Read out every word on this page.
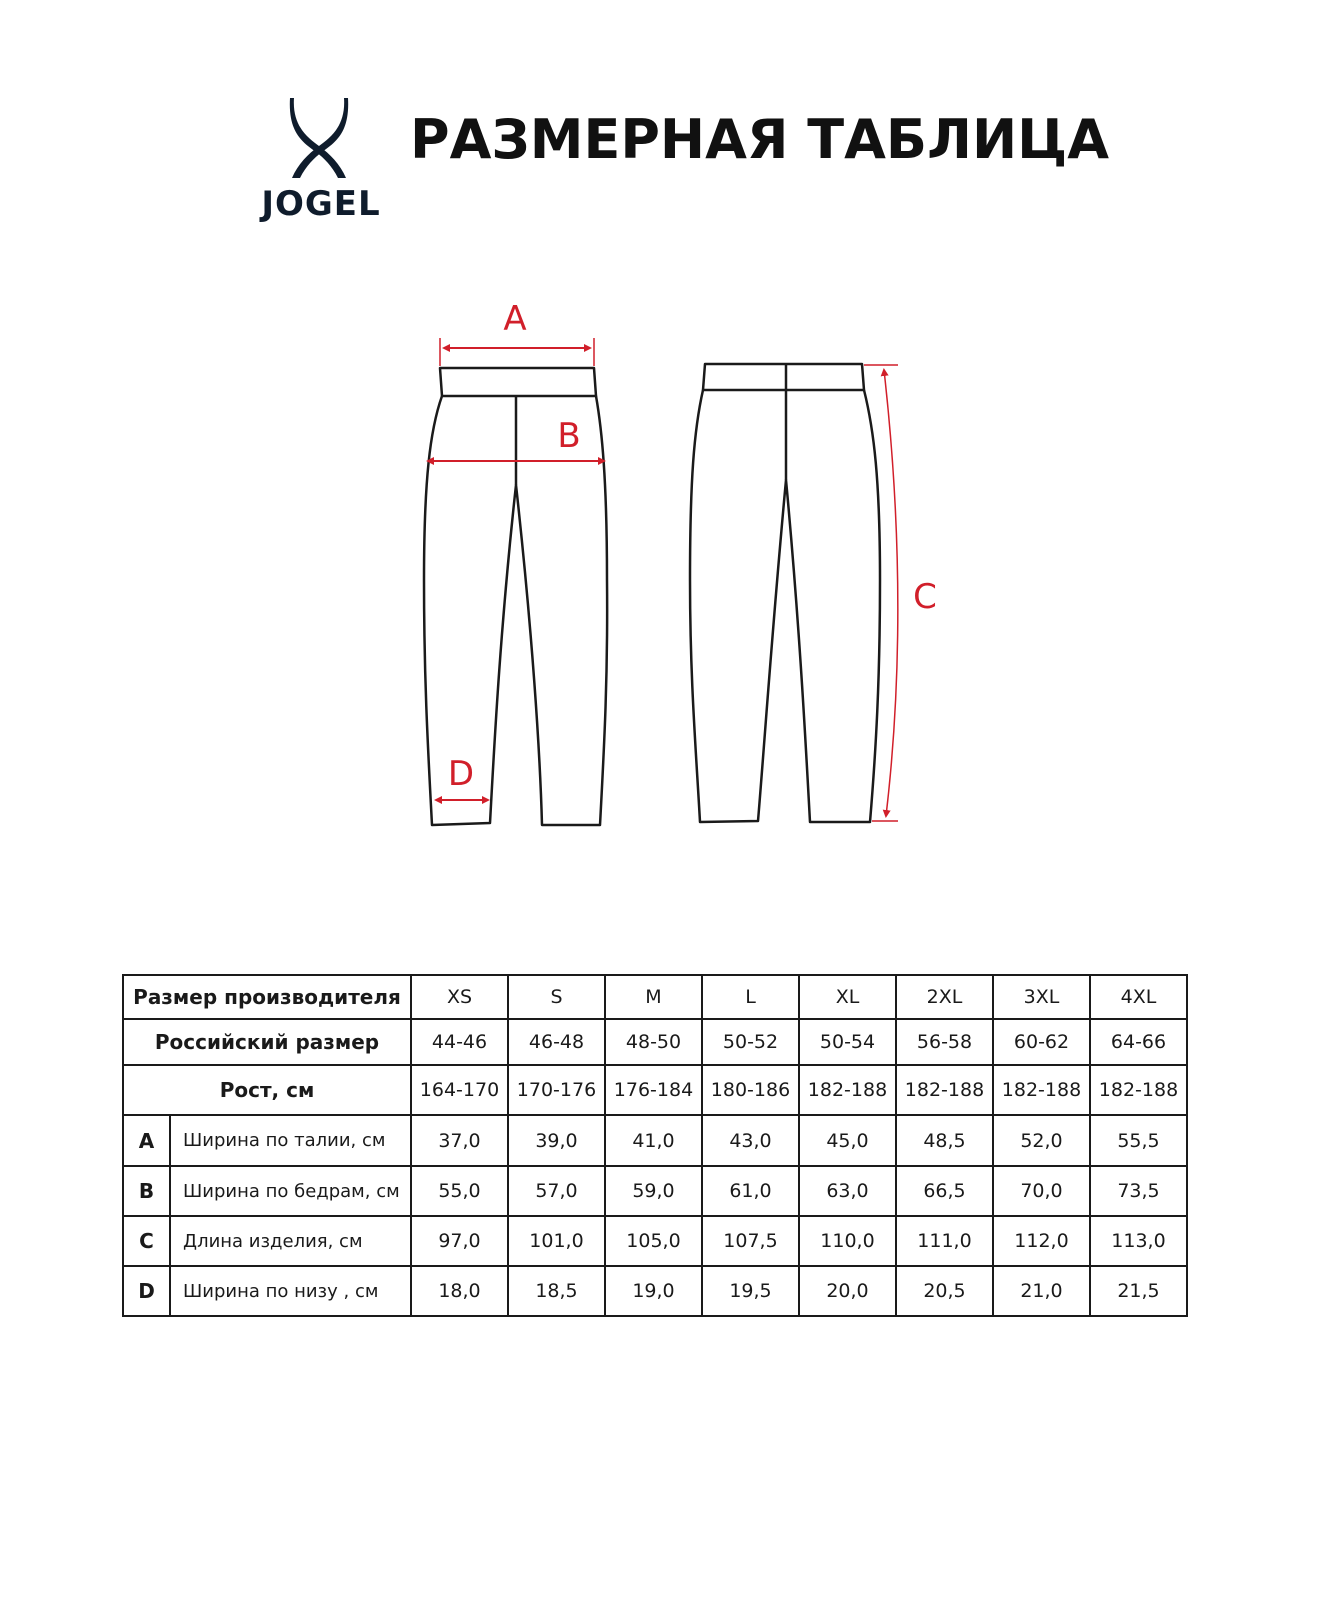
JOGEL
РАЗМЕРНАЯ ТАБЛИЦА
A
B
C
D
Размер производителя		XS	S	M	L	XL	2XL	3XL	4XL
Российский размер		44-46	46-48	48-50	50-52	50-54	56-58	60-62	64-66
Рост, см		164-170	170-176	176-184	180-186	182-188	182-188	182-188	182-188
A	Ширина по талии, см	37,0	39,0	41,0	43,0	45,0	48,5	52,0	55,5
B	Ширина по бедрам, см	55,0	57,0	59,0	61,0	63,0	66,5	70,0	73,5
C	Длина изделия, см	97,0	101,0	105,0	107,5	110,0	111,0	112,0	113,0
D	Ширина по низу , см	18,0	18,5	19,0	19,5	20,0	20,5	21,0	21,5
